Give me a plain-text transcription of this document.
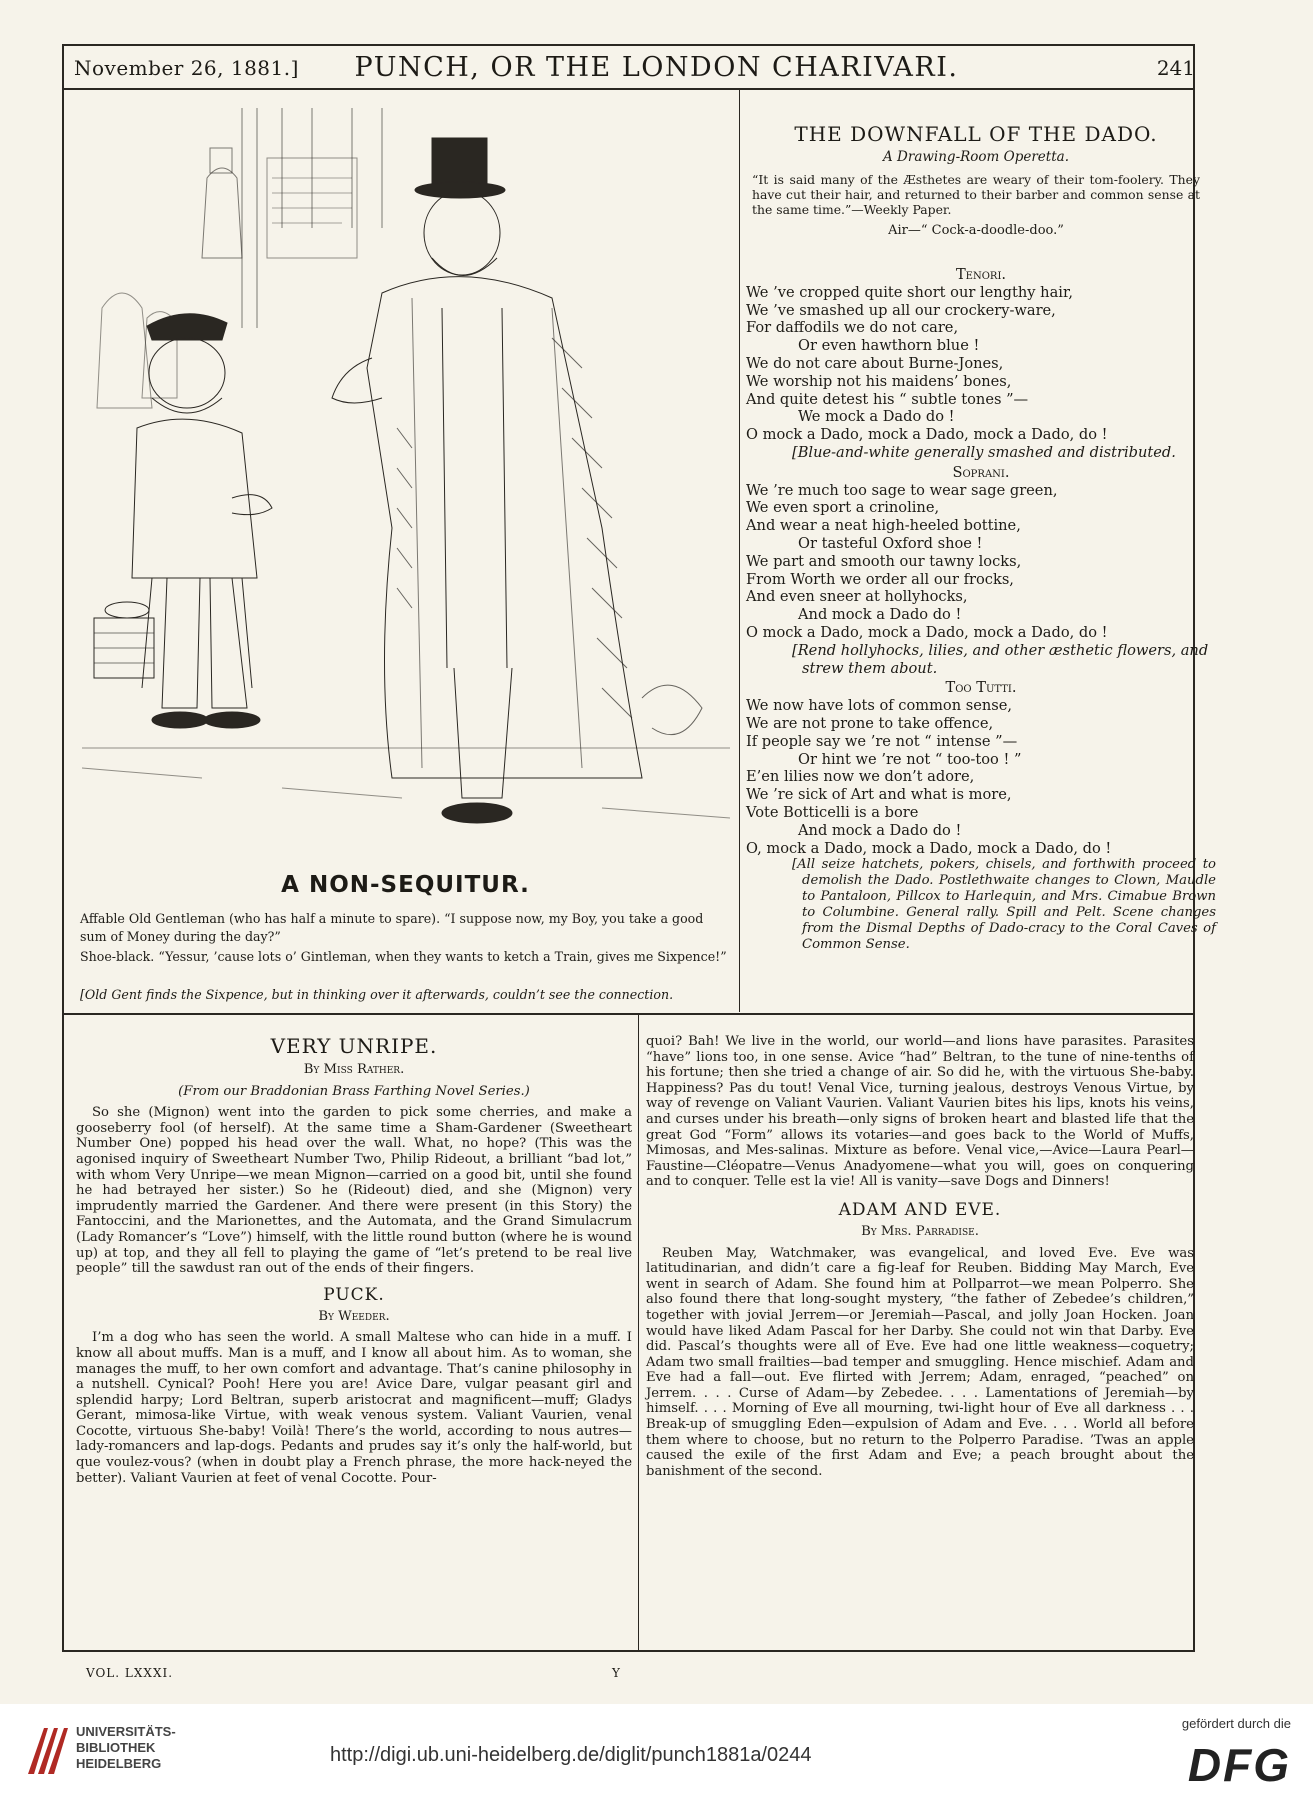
November 26, 1881.]	PUNCH, OR THE LONDON CHARIVARI.	241
A NON-SEQUITUR.
Affable Old Gentleman (who has half a minute to spare). “I suppose now, my Boy, you take a good sum of Money during the day?”
Shoe-black. “Yessur, ’cause lots o’ Gintleman, when they wants to ketch a Train, gives me Sixpence!”
[Old Gent finds the Sixpence, but in thinking over it afterwards, couldn’t see the connection.
THE DOWNFALL OF THE DADO.
A Drawing-Room Operetta.

“It is said many of the Æsthetes are weary of their tom-foolery. They have cut their hair, and returned to their barber and common sense at the same time.”—Weekly Paper.

Air—“ Cock-a-doodle-doo.”
Tenori.
We ’ve cropped quite short our lengthy hair,
We ’ve smashed up all our crockery-ware,
For daffodils we do not care,
Or even hawthorn blue !
We do not care about Burne-Jones,
We worship not his maidens’ bones,
And quite detest his “ subtle tones ”—
We mock a Dado do !
O mock a Dado, mock a Dado, mock a Dado, do !
[Blue-and-white generally smashed and distributed.
Soprani.
We ’re much too sage to wear sage green,
We even sport a crinoline,
And wear a neat high-heeled bottine,
Or tasteful Oxford shoe !
We part and smooth our tawny locks,
From Worth we order all our frocks,
And even sneer at hollyhocks,
And mock a Dado do !
O mock a Dado, mock a Dado, mock a Dado, do !
[Rend hollyhocks, lilies, and other æsthetic flowers, and strew them about.
Too Tutti.
We now have lots of common sense,
We are not prone to take offence,
If people say we ’re not “ intense ”—
Or hint we ’re not “ too-too ! ”
E’en lilies now we don’t adore,
We ’re sick of Art and what is more,
Vote Botticelli is a bore
And mock a Dado do !
O, mock a Dado, mock a Dado, mock a Dado, do !
[All seize hatchets, pokers, chisels, and forthwith proceed to demolish the Dado. Postlethwaite changes to Clown, Maudle to Pantaloon, Pillcox to Harlequin, and Mrs. Cimabue Brown to Columbine. General rally. Spill and Pelt. Scene changes from the Dismal Depths of Dado-cracy to the Coral Caves of Common Sense.
VERY UNRIPE.
By Miss Rather.
(From our Braddonian Brass Farthing Novel Series.)

So she (Mignon) went into the garden to pick some cherries, and make a gooseberry fool (of herself). At the same time a Sham-Gardener (Sweetheart Number One) popped his head over the wall. What, no hope? (This was the agonised inquiry of Sweetheart Number Two, Philip Rideout, a brilliant “bad lot,” with whom Very Unripe—we mean Mignon—carried on a good bit, until she found he had betrayed her sister.) So he (Rideout) died, and she (Mignon) very imprudently married the Gardener. And there were present (in this Story) the Fantoccini, and the Marionettes, and the Automata, and the Grand Simulacrum (Lady Romancer’s “Love”) himself, with the little round button (where he is wound up) at top, and they all fell to playing the game of “let’s pretend to be real live people” till the sawdust ran out of the ends of their fingers.

PUCK.
By Weeder.

I’m a dog who has seen the world. A small Maltese who can hide in a muff. I know all about muffs. Man is a muff, and I know all about him. As to woman, she manages the muff, to her own comfort and advantage. That’s canine philosophy in a nutshell. Cynical? Pooh! Here you are! Avice Dare, vulgar peasant girl and splendid harpy; Lord Beltran, superb aristocrat and magnificent—muff; Gladys Gerant, mimosa-like Virtue, with weak venous system. Valiant Vaurien, venal Cocotte, virtuous She-baby! Voilà! There’s the world, according to nous autres—lady-romancers and lap-dogs. Pedants and prudes say it’s only the half-world, but que voulez-vous? (when in doubt play a French phrase, the more hack-neyed the better). Valiant Vaurien at feet of venal Cocotte. Pour-

quoi? Bah! We live in the world, our world—and lions have parasites. Parasites “have” lions too, in one sense. Avice “had” Beltran, to the tune of nine-tenths of his fortune; then she tried a change of air. So did he, with the virtuous She-baby. Happiness? Pas du tout! Venal Vice, turning jealous, destroys Venous Virtue, by way of revenge on Valiant Vaurien. Valiant Vaurien bites his lips, knots his veins, and curses under his breath—only signs of broken heart and blasted life that the great God “Form” allows its votaries—and goes back to the World of Muffs, Mimosas, and Mes-salinas. Mixture as before. Venal vice,—Avice—Laura Pearl—Faustine—Cléopatre—Venus Anadyomene—what you will, goes on conquering and to conquer. Telle est la vie! All is vanity—save Dogs and Dinners!

ADAM AND EVE.
By Mrs. Parradise.

Reuben May, Watchmaker, was evangelical, and loved Eve. Eve was latitudinarian, and didn’t care a fig-leaf for Reuben. Bidding May March, Eve went in search of Adam. She found him at Pollparrot—we mean Polperro. She also found there that long-sought mystery, “the father of Zebedee’s children,” together with jovial Jerrem—or Jeremiah—Pascal, and jolly Joan Hocken. Joan would have liked Adam Pascal for her Darby. She could not win that Darby. Eve did. Pascal’s thoughts were all of Eve. Eve had one little weakness—coquetry; Adam two small frailties—bad temper and smuggling. Hence mischief. Adam and Eve had a fall—out. Eve flirted with Jerrem; Adam, enraged, “peached” on Jerrem. . . . Curse of Adam—by Zebedee. . . . Lamentations of Jeremiah—by himself. . . . Morning of Eve all mourning, twi-light hour of Eve all darkness . . . Break-up of smuggling Eden—expulsion of Adam and Eve. . . . World all before them where to choose, but no return to the Polperro Paradise. ’Twas an apple caused the exile of the first Adam and Eve; a peach brought about the banishment of the second.

VOL. LXXXI.	Y
UNIVERSITÄTS-
BIBLIOTHEK
HEIDELBERG	http://digi.ub.uni-heidelberg.de/diglit/punch1881a/0244
gefördert durch die
DFG
